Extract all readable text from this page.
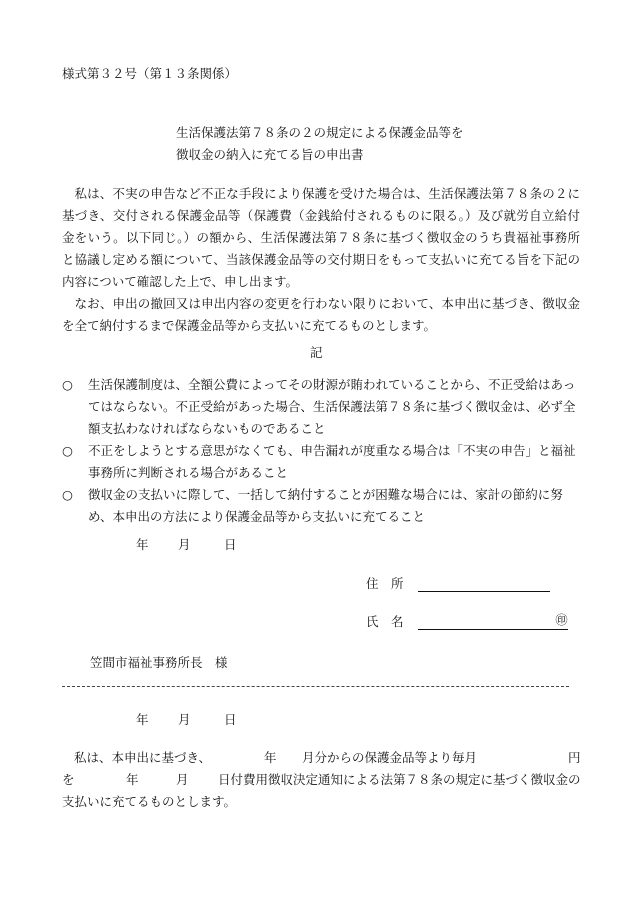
様式第３２号（第１３条関係）
生活保護法第７８条の２の規定による保護金品等を
徴収金の納入に充てる旨の申出書
私は、不実の申告など不正な手段により保護を受けた場合は、生活保護法第７８条の２に基づき、交付される保護金品等（保護費（金銭給付されるものに限る。）及び就労自立給付金をいう。以下同じ。）の額から、生活保護法第７８条に基づく徴収金のうち貴福祉事務所と協議し定める額について、当該保護金品等の交付期日をもって支払いに充てる旨を下記の内容について確認した上で、申し出ます。
なお、申出の撤回又は申出内容の変更を行わない限りにおいて、本申出に基づき、徴収金を全て納付するまで保護金品等から支払いに充てるものとします。
記
○ 生活保護制度は、全額公費によってその財源が賄われていることから、不正受給はあってはならない。不正受給があった場合、生活保護法第７８条に基づく徴収金は、必ず全額支払わなければならないものであること
○ 不正をしようとする意思がなくても、申告漏れが度重なる場合は「不実の申告」と福祉事務所に判断される場合があること
○ 徴収金の支払いに際して、一括して納付することが困難な場合には、家計の節約に努め、本申出の方法により保護金品等から支払いに充てること
年 月	日
住　所
氏　名	㊞
笠間市福祉事務所長　様
年 月	日
私は、本申出に基づき、	年 月分からの保護金品等より毎月	円
を	年	月 日付費用徴収決定通知による法第７８条の規定に基づく徴収金の
支払いに充てるものとします。
